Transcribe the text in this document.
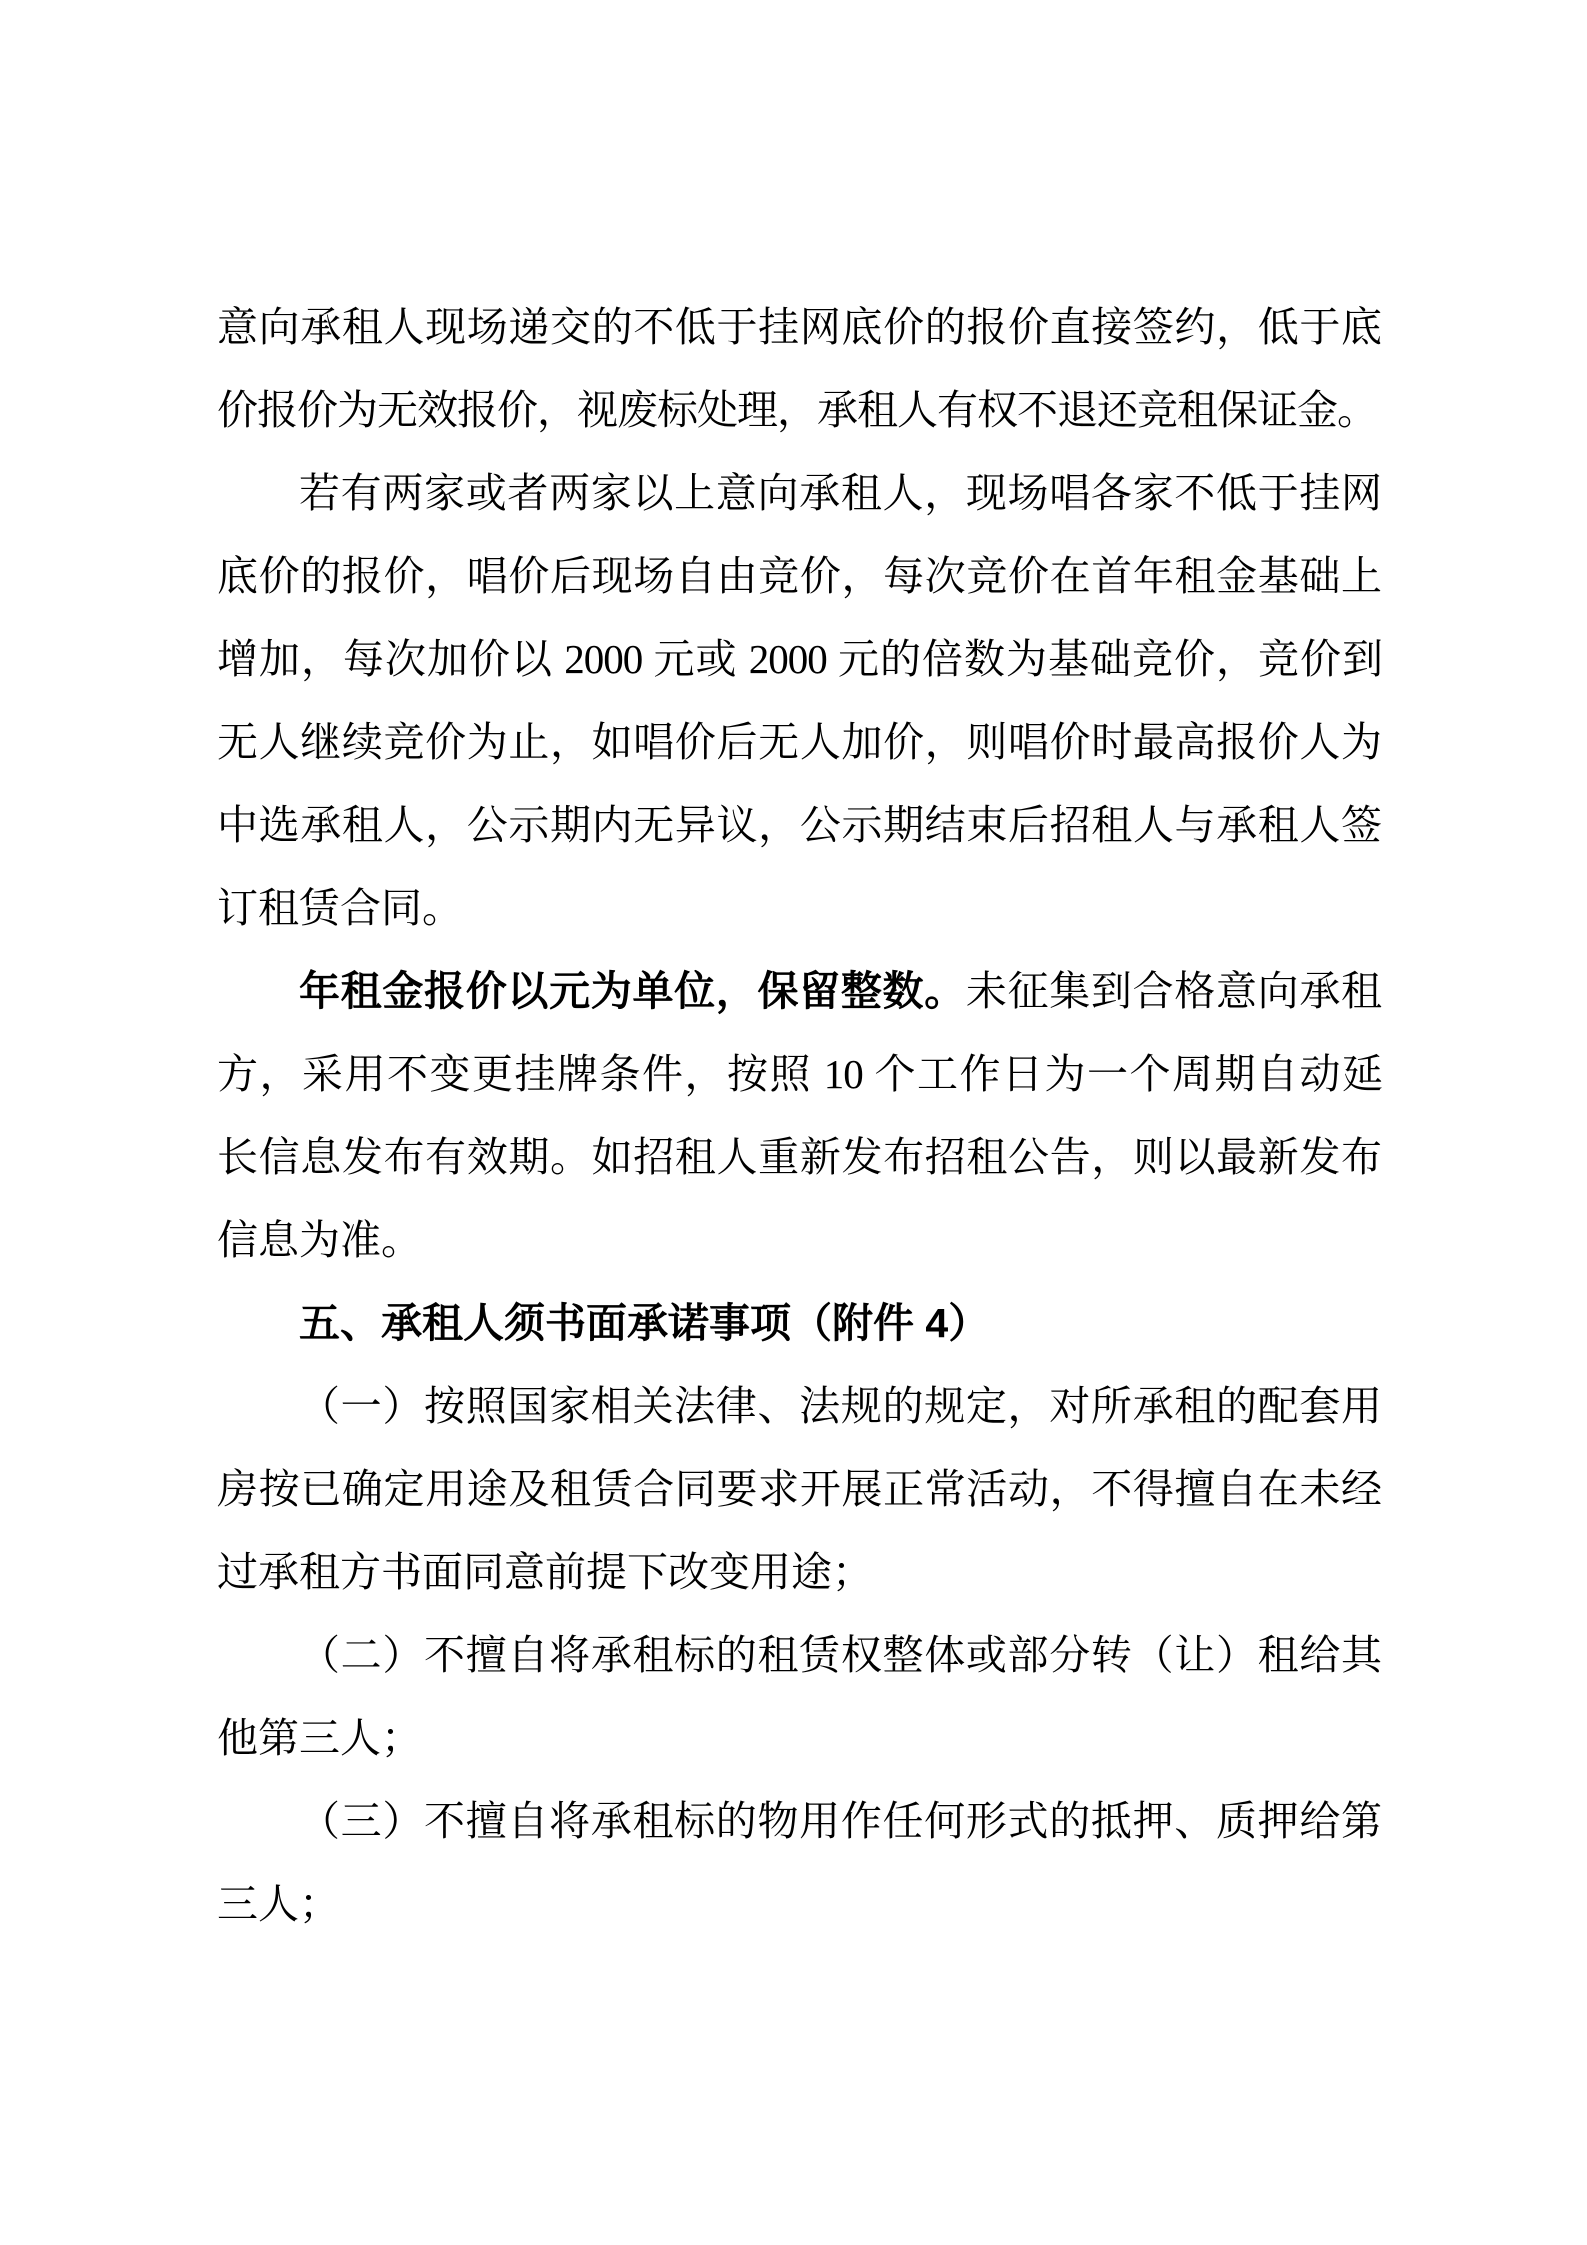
意向承租人现场递交的不低于挂网底价的报价直接签约，低于底
价报价为无效报价，视废标处理，承租人有权不退还竞租保证金。
若有两家或者两家以上意向承租人，现场唱各家不低于挂网
底价的报价，唱价后现场自由竞价，每次竞价在首年租金基础上
增加，每次加价以 2000 元或 2000 元的倍数为基础竞价，竞价到
无人继续竞价为止，如唱价后无人加价，则唱价时最高报价人为
中选承租人，公示期内无异议，公示期结束后招租人与承租人签
订租赁合同。
年租金报价以元为单位，保留整数。未征集到合格意向承租
方，采用不变更挂牌条件，按照 10 个工作日为一个周期自动延
长信息发布有效期。如招租人重新发布招租公告，则以最新发布
信息为准。
五、承租人须书面承诺事项（附件 4）
（一）按照国家相关法律、法规的规定，对所承租的配套用
房按已确定用途及租赁合同要求开展正常活动，不得擅自在未经
过承租方书面同意前提下改变用途；
（二）不擅自将承租标的租赁权整体或部分转（让）租给其
他第三人；
（三）不擅自将承租标的物用作任何形式的抵押、质押给第
三人；
